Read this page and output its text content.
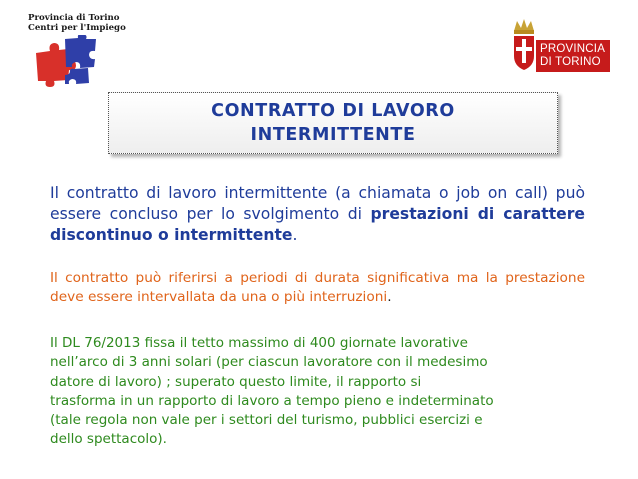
Provincia di Torino

Centri per l'Impiego

PROVINCIA
DI TORINO
CONTRATTO DI LAVORO
INTERMITTENTE

Il contratto di lavoro intermittente (a chiamata o job on call) può essere concluso per lo svolgimento di prestazioni di carattere discontinuo o intermittente.

Il contratto può riferirsi a periodi di durata significativa ma la prestazione deve essere intervallata da una o più interruzioni.

Il DL 76/2013 fissa il tetto massimo di 400 giornate lavorative
nell’arco di 3 anni solari (per ciascun lavoratore con il medesimo
datore di lavoro) ; superato questo limite, il rapporto si
trasforma in un rapporto di lavoro a tempo pieno e indeterminato
(tale regola non vale per i settori del turismo, pubblici esercizi e
dello spettacolo).
